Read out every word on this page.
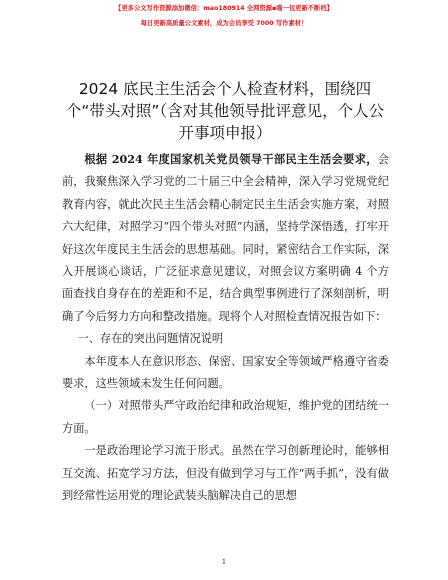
【更多公文写作资源添加微信：mao180914 全网资源▪喵一包更新不断档】
每日更新高质量公文素材，成为会员享受 7000 写作素材！
2024 底民主生活会个人检查材料，围绕四个“带头对照”（含对其他领导批评意见，个人公开事项申报）

根据 2024 年度国家机关党员领导干部民主生活会要求，会前，我聚焦深入学习党的二十届三中全会精神，深入学习党规党纪教育内容，就此次民主生活会精心制定民主生活会实施方案，对照六大纪律，对照学习“四个带头对照”内涵，坚持学深悟透，打牢开好这次年度民主生活会的思想基础。同时，紧密结合工作实际，深入开展谈心谈话，广泛征求意见建议，对照会议方案明确 4 个方面查找自身存在的差距和不足，结合典型事例进行了深刻剖析，明确了今后努力方向和整改措施。现将个人对照检查情况报告如下：

一、存在的突出问题情况说明

本年度本人在意识形态、保密、国家安全等领域严格遵守省委要求，这些领域未发生任何问题。

（一）对照带头严守政治纪律和政治规矩，维护党的团结统一方面。

一是政治理论学习流于形式。虽然在学习创新理论时，能够相互交流、拓宽学习方法，但没有做到学习与工作“两手抓”，没有做到经常性运用党的理论武装头脑解决自己的思想

1
